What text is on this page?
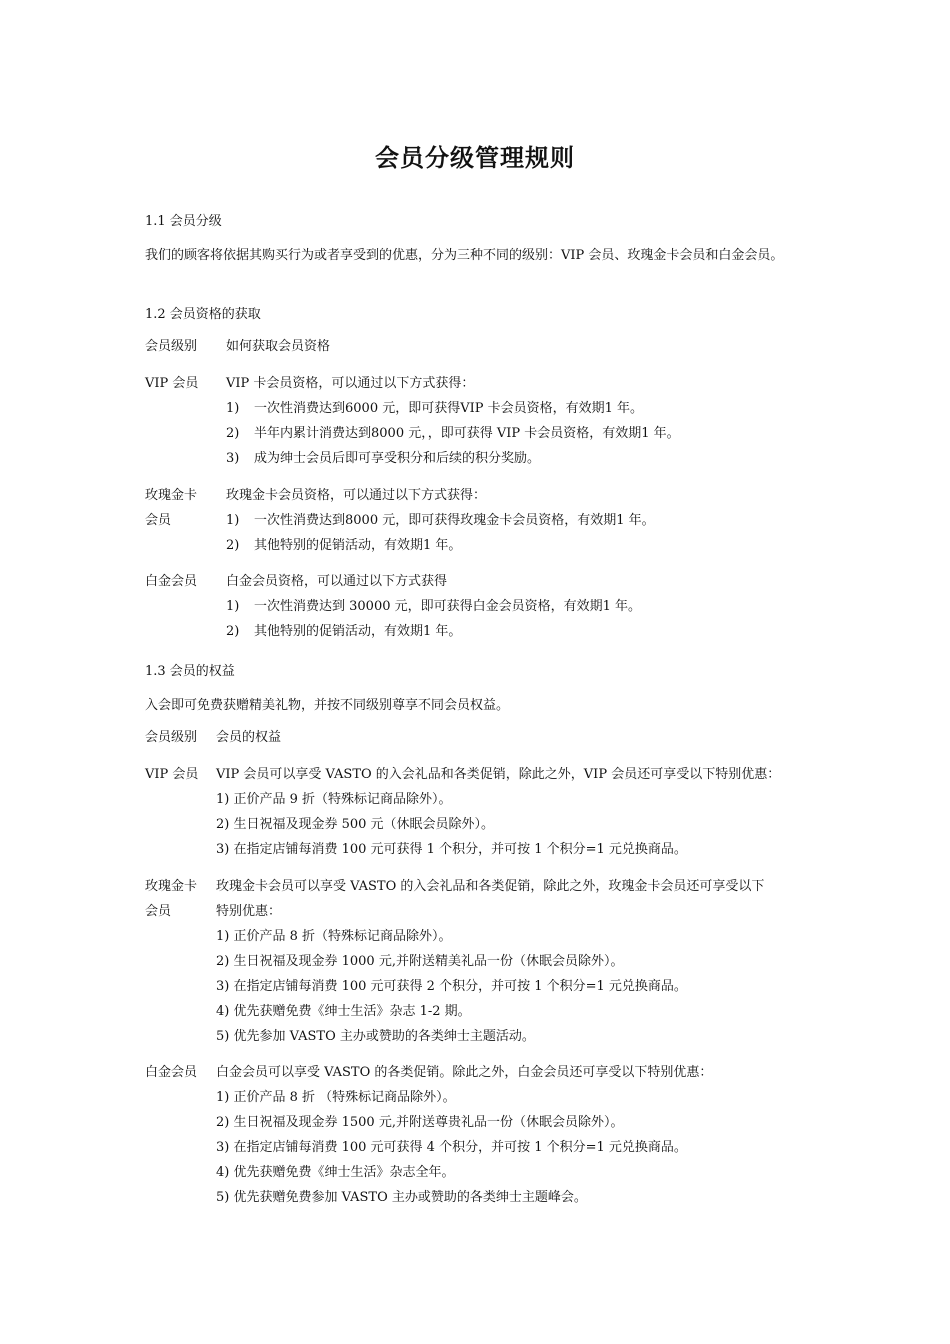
会员分级管理规则
1.1 会员分级
我们的顾客将依据其购买行为或者享受到的优惠，分为三种不同的级别：VIP 会员、玫瑰金卡会员和白金会员。
1.2 会员资格的获取
会员级别 如何获取会员资格
VIP 会员 VIP 卡会员资格，可以通过以下方式获得：
1) 一次性消费达到6000 元，即可获得VIP 卡会员资格，有效期1 年。
2) 半年内累计消费达到8000 元，，即可获得 VIP 卡会员资格，有效期1 年。
3) 成为绅士会员后即可享受积分和后续的积分奖励。
玫瑰金卡
会员
玫瑰金卡会员资格，可以通过以下方式获得：
1) 一次性消费达到8000 元，即可获得玫瑰金卡会员资格，有效期1 年。
2) 其他特别的促销活动，有效期1 年。
白金会员 白金会员资格，可以通过以下方式获得
1) 一次性消费达到 30000 元，即可获得白金会员资格，有效期1 年。
2) 其他特别的促销活动，有效期1 年。
1.3 会员的权益
入会即可免费获赠精美礼物，并按不同级别尊享不同会员权益。
会员级别 会员的权益
VIP 会员 VIP 会员可以享受 VASTO 的入会礼品和各类促销，除此之外，VIP 会员还可享受以下特别优惠：
1) 正价产品 9 折（特殊标记商品除外）。
2) 生日祝福及现金券 500 元（休眠会员除外）。
3) 在指定店铺每消费 100 元可获得 1 个积分，并可按 1 个积分=1 元兑换商品。
玫瑰金卡
会员
玫瑰金卡会员可以享受 VASTO 的入会礼品和各类促销，除此之外，玫瑰金卡会员还可享受以下
特别优惠：
1) 正价产品 8 折（特殊标记商品除外）。
2) 生日祝福及现金券 1000 元,并附送精美礼品一份（休眠会员除外）。
3) 在指定店铺每消费 100 元可获得 2 个积分，并可按 1 个积分=1 元兑换商品。
4) 优先获赠免费《绅士生活》杂志 1-2 期。
5) 优先参加 VASTO 主办或赞助的各类绅士主题活动。
白金会员 白金会员可以享受 VASTO 的各类促销。除此之外，白金会员还可享受以下特别优惠：
1) 正价产品 8 折 （特殊标记商品除外）。
2) 生日祝福及现金券 1500 元,并附送尊贵礼品一份（休眠会员除外）。
3) 在指定店铺每消费 100 元可获得 4 个积分，并可按 1 个积分=1 元兑换商品。
4) 优先获赠免费《绅士生活》杂志全年。
5) 优先获赠免费参加 VASTO 主办或赞助的各类绅士主题峰会。
